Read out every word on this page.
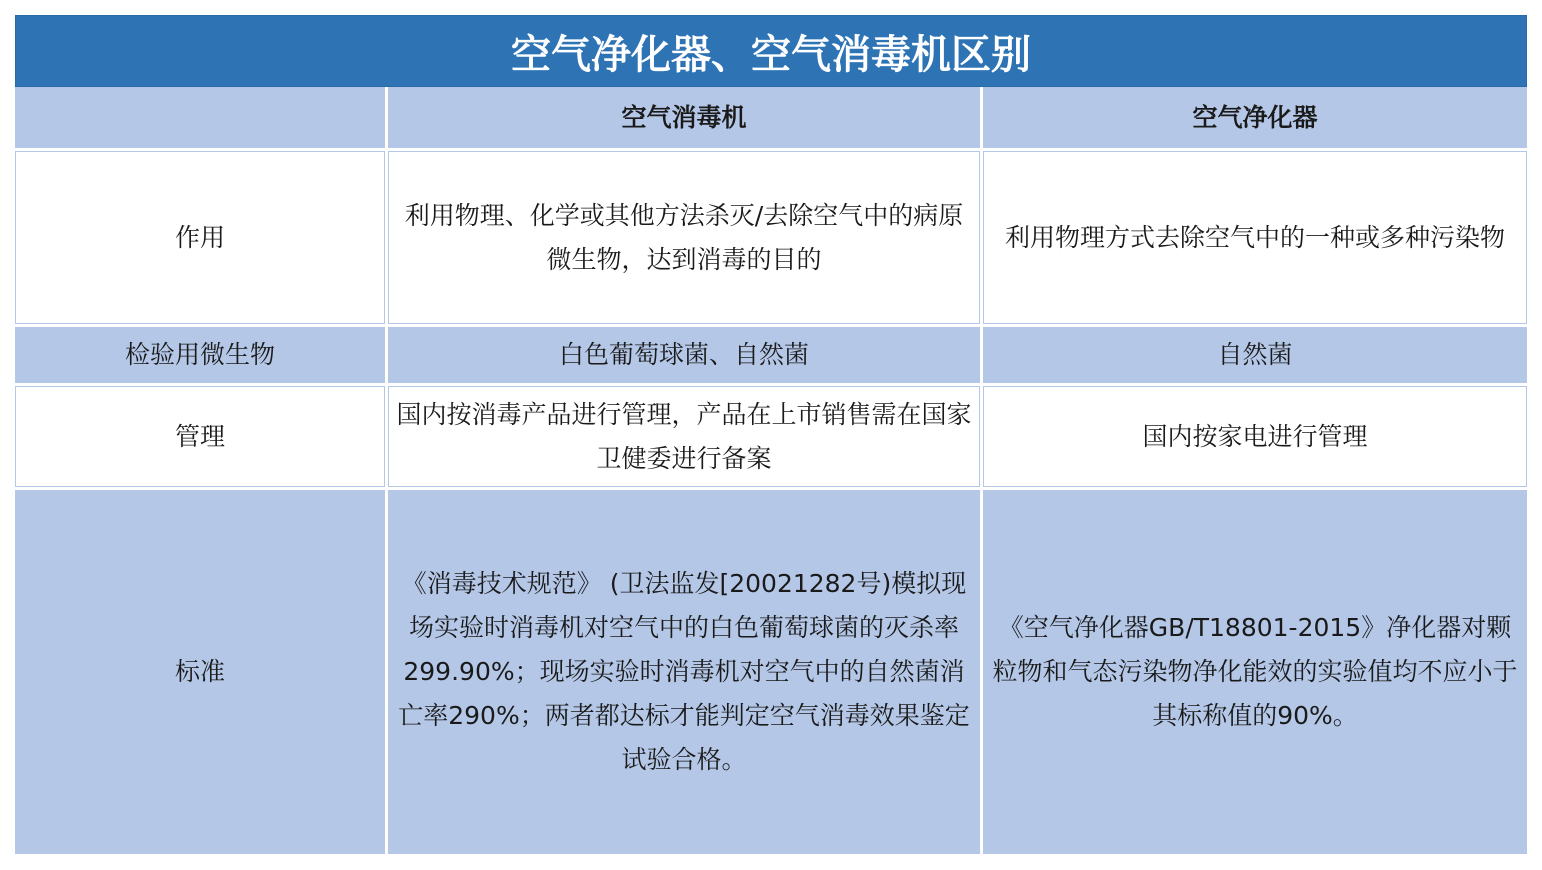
空气净化器、空气消毒机区别
	空气消毒机	空气净化器
作用	利用物理、化学或其他方法杀灭/去除空气中的病原微生物，达到消毒的目的	利用物理方式去除空气中的一种或多种污染物
检验用微生物	白色葡萄球菌、自然菌	自然菌
管理	国内按消毒产品进行管理，产品在上市销售需在国家卫健委进行备案	国内按家电进行管理
标准	《消毒技术规范》 (卫法监发[20021282号)模拟现场实验时消毒机对空气中的白色葡萄球菌的灭杀率299.90%；现场实验时消毒机对空气中的自然菌消亡率290%；两者都达标才能判定空气消毒效果鉴定试验合格。	《空气净化器GB/T18801-2015》净化器对颗粒物和气态污染物净化能效的实验值均不应小于其标称值的90%。
